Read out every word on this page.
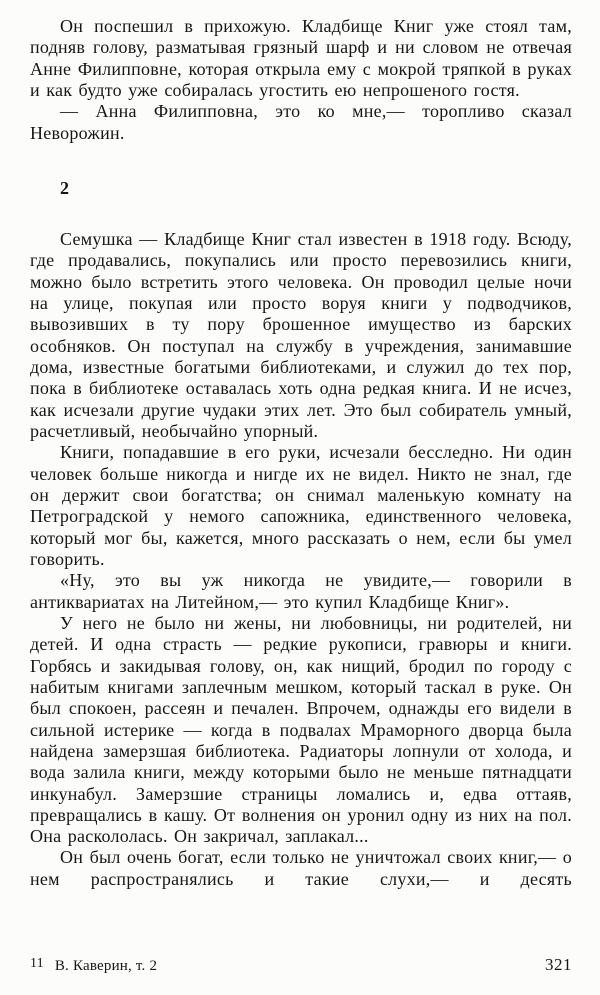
Он поспешил в прихожую. Кладбище Книг уже стоял там, подняв голову, разматывая грязный шарф и ни словом не отвечая Анне Филипповне, которая открыла ему с мокрой тряпкой в руках и как будто уже собиралась угостить ею непрошеного гостя.

— Анна Филипповна, это ко мне,— торопливо сказал Неворожин.

2

Семушка — Кладбище Книг стал известен в 1918 году. Всюду, где продавались, покупались или просто перевозились книги, можно было встретить этого человека. Он проводил целые ночи на улице, покупая или просто воруя книги у подводчиков, вывозивших в ту пору брошенное имущество из барских особняков. Он поступал на службу в учреждения, занимавшие дома, известные богатыми библиотеками, и служил до тех пор, пока в библиотеке оставалась хоть одна редкая книга. И не исчез, как исчезали другие чудаки этих лет. Это был собиратель умный, расчетливый, необычайно упорный.

Книги, попадавшие в его руки, исчезали бесследно. Ни один человек больше никогда и нигде их не видел. Никто не знал, где он держит свои богатства; он снимал маленькую комнату на Петроградской у немого сапожника, единственного человека, который мог бы, кажется, много рассказать о нем, если бы умел говорить.

«Ну, это вы уж никогда не увидите,— говорили в антиквариатах на Литейном,— это купил Кладбище Книг».

У него не было ни жены, ни любовницы, ни родителей, ни детей. И одна страсть — редкие рукописи, гравюры и книги. Горбясь и закидывая голову, он, как нищий, бродил по городу с набитым книгами заплечным мешком, который таскал в руке. Он был спокоен, рассеян и печален. Впрочем, однажды его видели в сильной истерике — когда в подвалах Мраморного дворца была найдена замерзшая библиотека. Радиаторы лопнули от холода, и вода залила книги, между которыми было не меньше пятнадцати инкунабул. Замерзшие страницы ломались и, едва оттаяв, превращались в кашу. От волнения он уронил одну из них на пол. Она раскололась. Он закричал, заплакал...

Он был очень богат, если только не уничтожал своих книг,— о нем распространялись и такие слухи,— и десять

11 В. Каверин, т. 2	321
